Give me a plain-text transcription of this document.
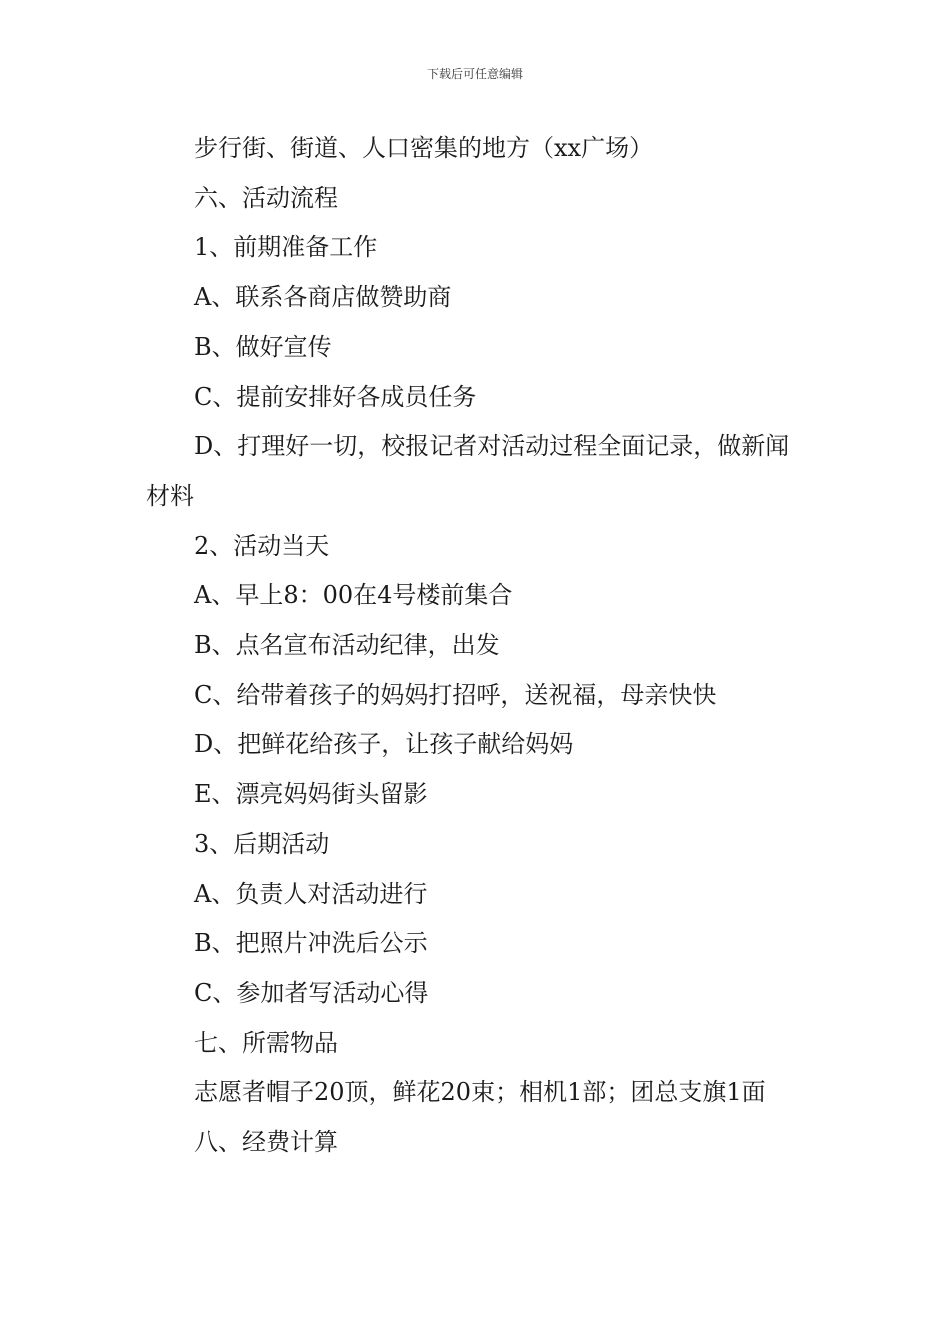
下载后可任意编辑

步行街、街道、人口密集的地方（xx广场）

六、活动流程

1、前期准备工作

A、联系各商店做赞助商

B、做好宣传

C、提前安排好各成员任务

D、打理好一切，校报记者对活动过程全面记录，做新闻材料

2、活动当天

A、早上8：00在4号楼前集合

B、点名宣布活动纪律，出发

C、给带着孩子的妈妈打招呼，送祝福，母亲快快

D、把鲜花给孩子，让孩子献给妈妈

E、漂亮妈妈街头留影

3、后期活动

A、负责人对活动进行

B、把照片冲洗后公示

C、参加者写活动心得

七、所需物品

志愿者帽子20顶，鲜花20束；相机1部；团总支旗1面

八、经费计算
